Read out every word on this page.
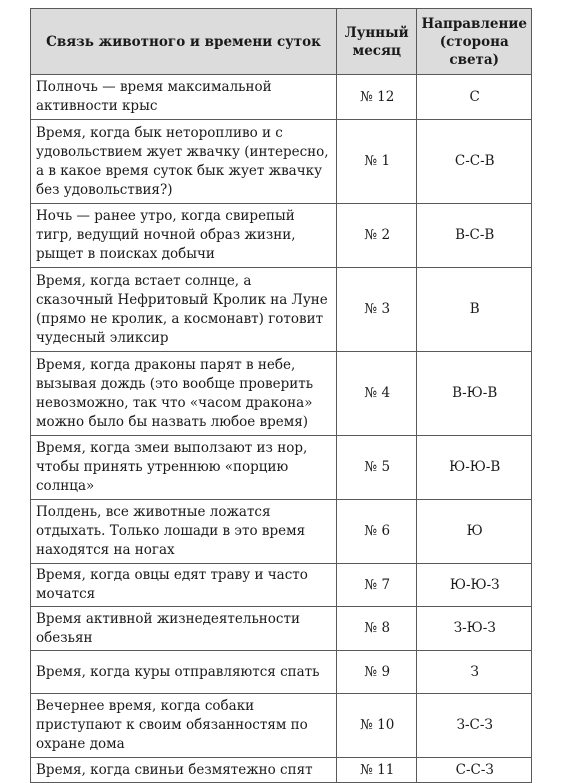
Связь животного и времени суток	Лунный месяц	Направление (сторона света)
Полночь — время максимальной активности крыс	№ 12	С
Время, когда бык неторопливо и с удовольствием жует жвачку (интересно, а в какое время суток бык жует жвачку без удовольствия?)	№ 1	С-С-В
Ночь — ранее утро, когда свирепый тигр, ведущий ночной образ жизни, рыщет в поисках добычи	№ 2	В-С-В
Время, когда встает солнце, а сказочный Нефритовый Кролик на Луне (прямо не кролик, а космонавт) готовит чудесный эликсир	№ 3	В
Время, когда драконы парят в небе, вызывая дождь (это вообще проверить невозможно, так что «часом дракона» можно было бы назвать любое время)	№ 4	В-Ю-В
Время, когда змеи выползают из нор, чтобы принять утреннюю «порцию солнца»	№ 5	Ю-Ю-В
Полдень, все животные ложатся отдыхать. Только лошади в это время находятся на ногах	№ 6	Ю
Время, когда овцы едят траву и часто мочатся	№ 7	Ю-Ю-З
Время активной жизнедеятельности обезьян	№ 8	З-Ю-З
Время, когда куры отправляются спать	№ 9	З
Вечернее время, когда собаки приступают к своим обязанностям по охране дома	№ 10	З-С-З
Время, когда свиньи безмятежно спят	№ 11	С-С-З
